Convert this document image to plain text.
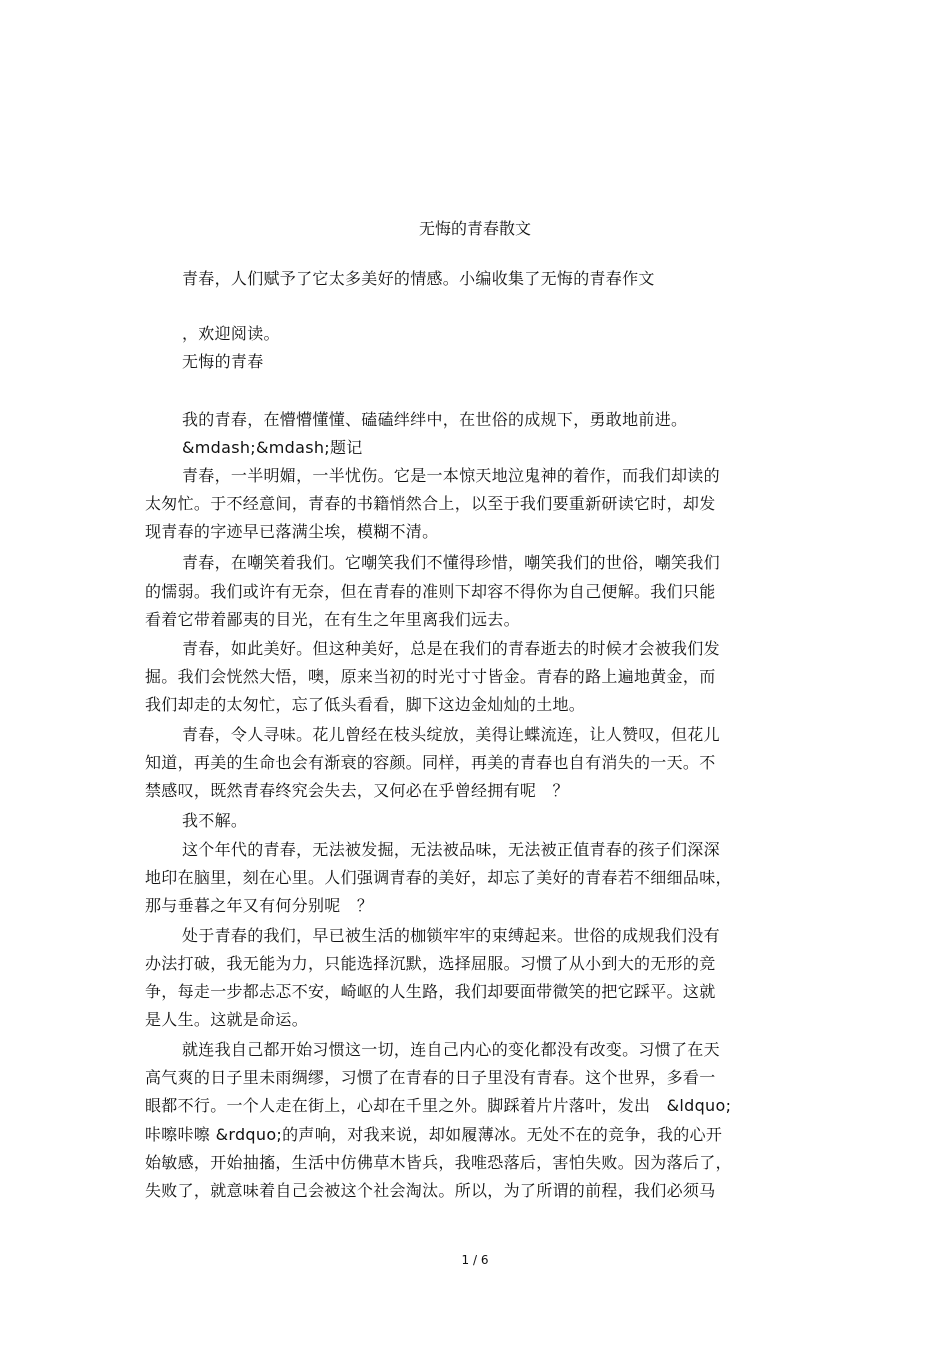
无悔的青春散文
青春，人们赋予了它太多美好的情感。小编收集了无悔的青春作文
，欢迎阅读。
无悔的青春
我的青春，在懵懵懂懂、磕磕绊绊中，在世俗的成规下，勇敢地前进。
&mdash;&mdash;题记
青春，一半明媚，一半忧伤。它是一本惊天地泣鬼神的着作，而我们却读的
太匆忙。于不经意间，青春的书籍悄然合上，以至于我们要重新研读它时，却发
现青春的字迹早已落满尘埃，模糊不清。
青春，在嘲笑着我们。它嘲笑我们不懂得珍惜，嘲笑我们的世俗，嘲笑我们
的懦弱。我们或许有无奈，但在青春的准则下却容不得你为自己便解。我们只能
看着它带着鄙夷的目光，在有生之年里离我们远去。
青春，如此美好。但这种美好，总是在我们的青春逝去的时候才会被我们发
掘。我们会恍然大悟，噢，原来当初的时光寸寸皆金。青春的路上遍地黄金，而
我们却走的太匆忙，忘了低头看看，脚下这边金灿灿的土地。
青春，令人寻味。花儿曾经在枝头绽放，美得让蝶流连，让人赞叹，但花儿
知道，再美的生命也会有渐衰的容颜。同样，再美的青春也自有消失的一天。不
禁感叹，既然青春终究会失去，又何必在乎曾经拥有呢　？
我不解。
这个年代的青春，无法被发掘，无法被品味，无法被正值青春的孩子们深深
地印在脑里，刻在心里。人们强调青春的美好，却忘了美好的青春若不细细品味，
那与垂暮之年又有何分别呢　？
处于青春的我们，早已被生活的枷锁牢牢的束缚起来。世俗的成规我们没有
办法打破，我无能为力，只能选择沉默，选择屈服。习惯了从小到大的无形的竞
争，每走一步都忐忑不安，崎岖的人生路，我们却要面带微笑的把它踩平。这就
是人生。这就是命运。
就连我自己都开始习惯这一切，连自己内心的变化都没有改变。习惯了在天
高气爽的日子里未雨绸缪，习惯了在青春的日子里没有青春。这个世界，多看一
眼都不行。一个人走在街上，心却在千里之外。脚踩着片片落叶，发出　&ldquo;
咔嚓咔嚓 &rdquo;的声响，对我来说，却如履薄冰。无处不在的竞争，我的心开
始敏感，开始抽搐，生活中仿佛草木皆兵，我唯恐落后，害怕失败。因为落后了，
失败了，就意味着自己会被这个社会淘汰。所以，为了所谓的前程，我们必须马
1 / 6
